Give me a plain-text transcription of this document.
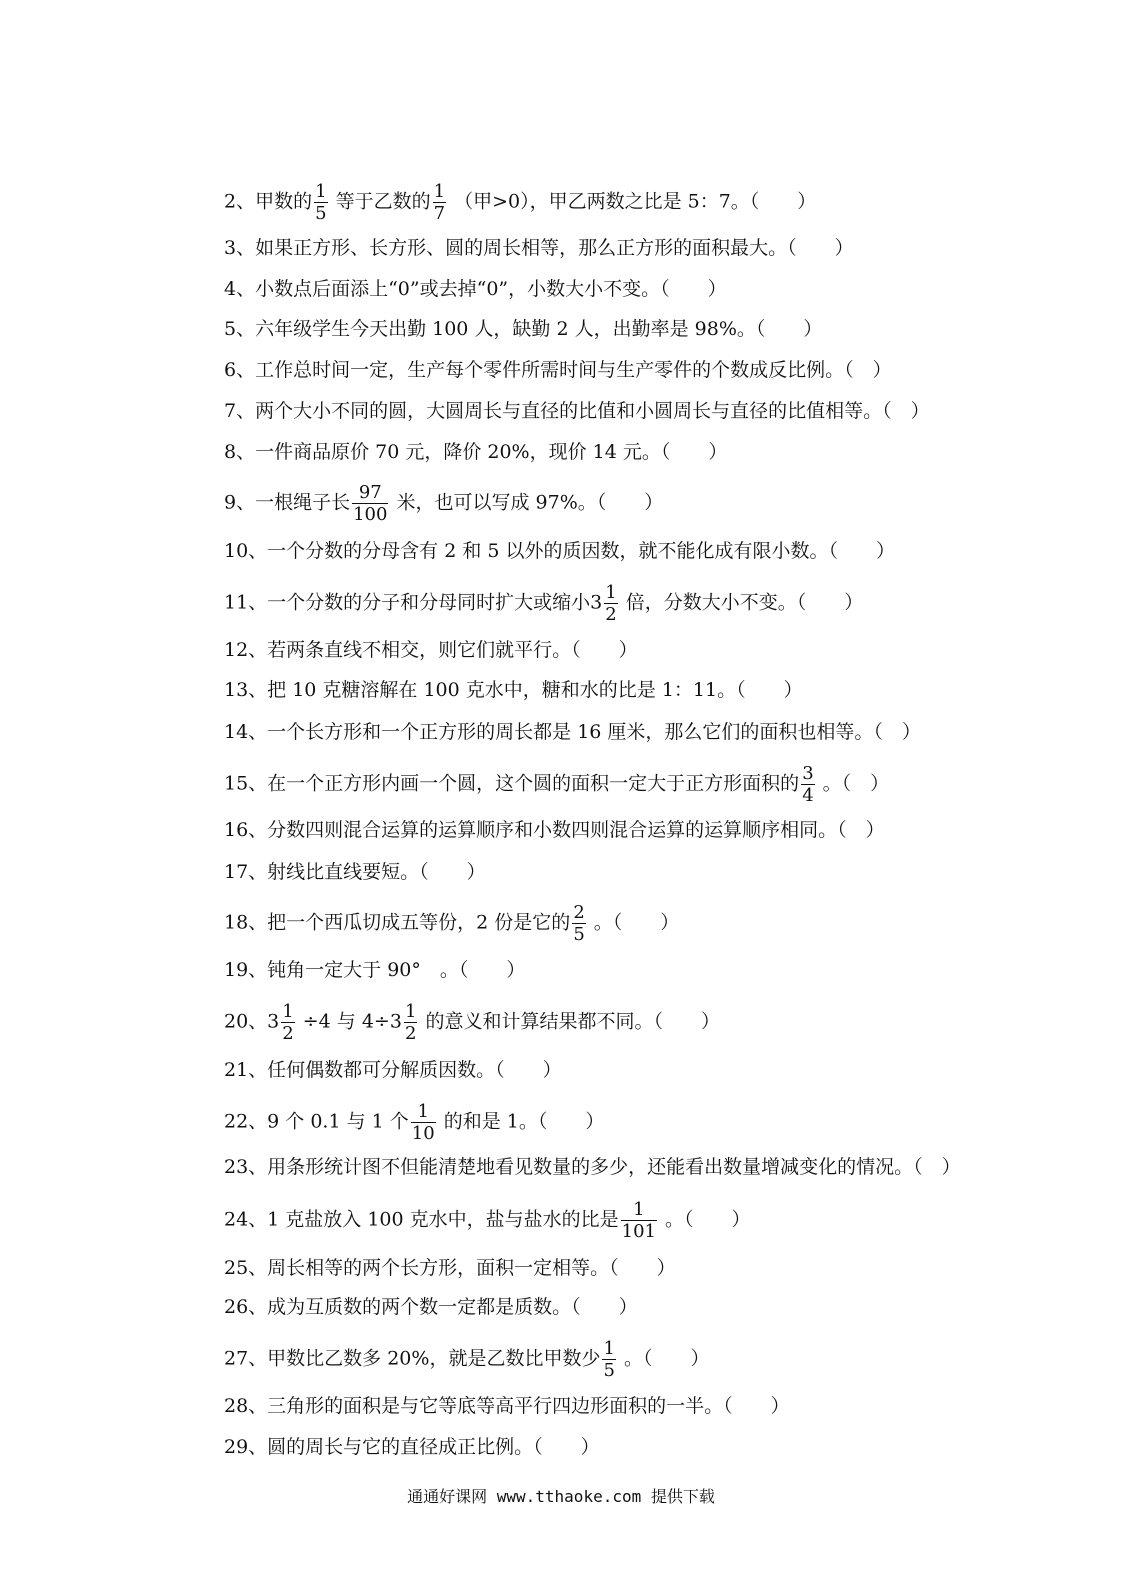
2、甲数的 $\frac{1}{5}$ 等于乙数的 $\frac{1}{7}$ （甲>0），甲乙两数之比是 5：7。（　　）
3、如果正方形、长方形、圆的周长相等，那么正方形的面积最大。（　　）
4、小数点后面添上“0”或去掉“0”，小数大小不变。（　　）
5、六年级学生今天出勤 100 人，缺勤 2 人，出勤率是 98%。（　　）
6、工作总时间一定，生产每个零件所需时间与生产零件的个数成反比例。（　）
7、两个大小不同的圆，大圆周长与直径的比值和小圆周长与直径的比值相等。（　）
8、一件商品原价 70 元，降价 20%，现价 14 元。（　　）
9、一根绳子长 $\frac{97}{100}$ 米，也可以写成 97%。（　　）
10、一个分数的分母含有 2 和 5 以外的质因数，就不能化成有限小数。（　　）
11、一个分数的分子和分母同时扩大或缩小$3 \frac{1}{2}$ 倍，分数大小不变。（　　）
12、若两条直线不相交，则它们就平行。（　　）
13、把 10 克糖溶解在 100 克水中，糖和水的比是 1：11。（　　）
14、一个长方形和一个正方形的周长都是 16 厘米，那么它们的面积也相等。（　）
15、在一个正方形内画一个圆，这个圆的面积一定大于正方形面积的 $\frac{3}{4}$ 。（　）
16、分数四则混合运算的运算顺序和小数四则混合运算的运算顺序相同。（　）
17、射线比直线要短。（　　）
18、把一个西瓜切成五等份，2 份是它的 $\frac{2}{5}$ 。（　　）
19、钝角一定大于 90°　。（　　）
20、$3 \frac{1}{2} \div 4$ 与 $4\div 3 \frac{1}{2}$ 的意义和计算结果都不同。（　　）
21、任何偶数都可分解质因数。（　　）
22、9 个 0.1 与 1 个 $\frac{1}{10}$ 的和是 1。（　　）
23、用条形统计图不但能清楚地看见数量的多少，还能看出数量增减变化的情况。（　）
24、1 克盐放入 100 克水中，盐与盐水的比是 $\frac{1}{101}$ 。（　　）
25、周长相等的两个长方形，面积一定相等。（　　）
26、成为互质数的两个数一定都是质数。（　　）
27、甲数比乙数多 20%，就是乙数比甲数少 $\frac{1}{5}$ 。（　　）
28、三角形的面积是与它等底等高平行四边形面积的一半。（　　）
29、圆的周长与它的直径成正比例。（　　）
通通好课网 www.tthaoke.com 提供下载
